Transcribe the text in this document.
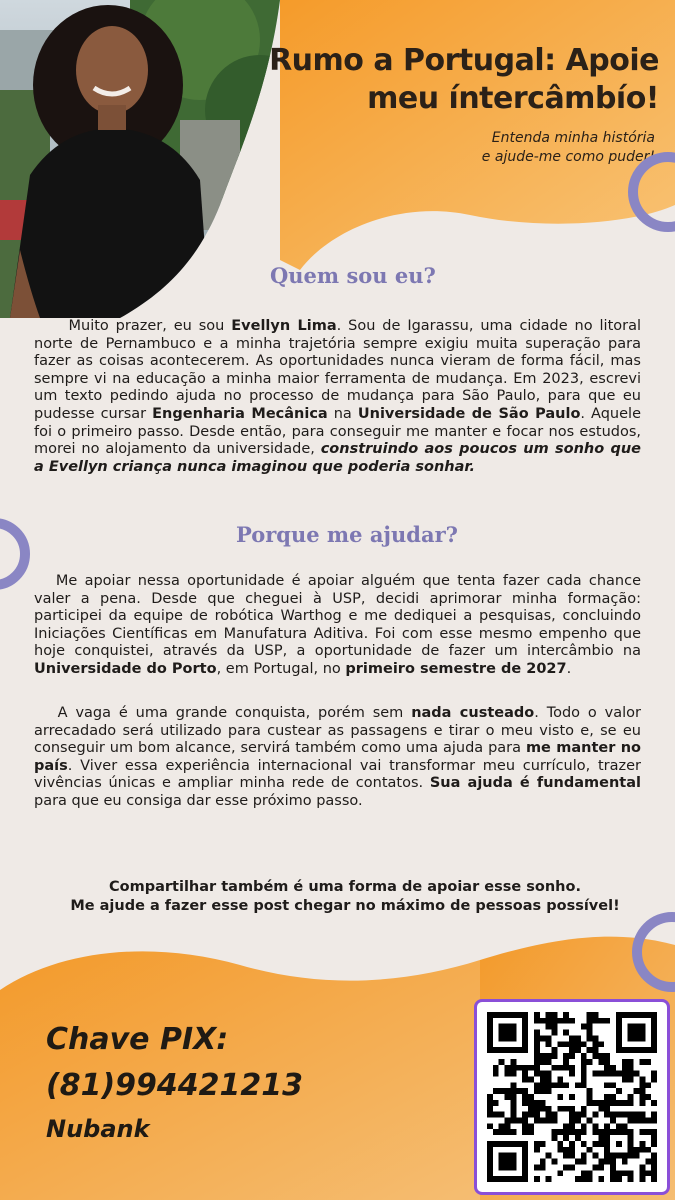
Rumo a Portugal: Apoie
meu íntercâmbío!
Entenda minha história
e ajude-me como puder!
Quem sou eu?
Muito prazer, eu sou Evellyn Lima. Sou de Igarassu, uma cidade no litoral norte de Pernambuco e a minha trajetória sempre exigiu muita superação para fazer as coisas acontecerem. As oportunidades nunca vieram de forma fácil, mas sempre vi na educação a minha maior ferramenta de mudança. Em 2023, escrevi um texto pedindo ajuda no processo de mudança para São Paulo, para que eu pudesse cursar Engenharia Mecânica na Universidade de São Paulo. Aquele foi o primeiro passo. Desde então, para conseguir me manter e focar nos estudos, morei no alojamento da universidade, construindo aos poucos um sonho que a Evellyn criança nunca imaginou que poderia sonhar.
Porque me ajudar?
Me apoiar nessa oportunidade é apoiar alguém que tenta fazer cada chance valer a pena. Desde que cheguei à USP, decidi aprimorar minha formação: participei da equipe de robótica Warthog e me dediquei a pesquisas, concluindo Iniciações Científicas em Manufatura Aditiva. Foi com esse mesmo empenho que hoje conquistei, através da USP, a oportunidade de fazer um intercâmbio na Universidade do Porto, em Portugal, no primeiro semestre de 2027.
A vaga é uma grande conquista, porém sem nada custeado. Todo o valor arrecadado será utilizado para custear as passagens e tirar o meu visto e, se eu conseguir um bom alcance, servirá também como uma ajuda para me manter no país. Viver essa experiência internacional vai transformar meu currículo, trazer vivências únicas e ampliar minha rede de contatos. Sua ajuda é fundamental para que eu consiga dar esse próximo passo.
Compartilhar também é uma forma de apoiar esse sonho.
Me ajude a fazer esse post chegar no máximo de pessoas possível!
Chave PIX:
(81)994421213
Nubank
